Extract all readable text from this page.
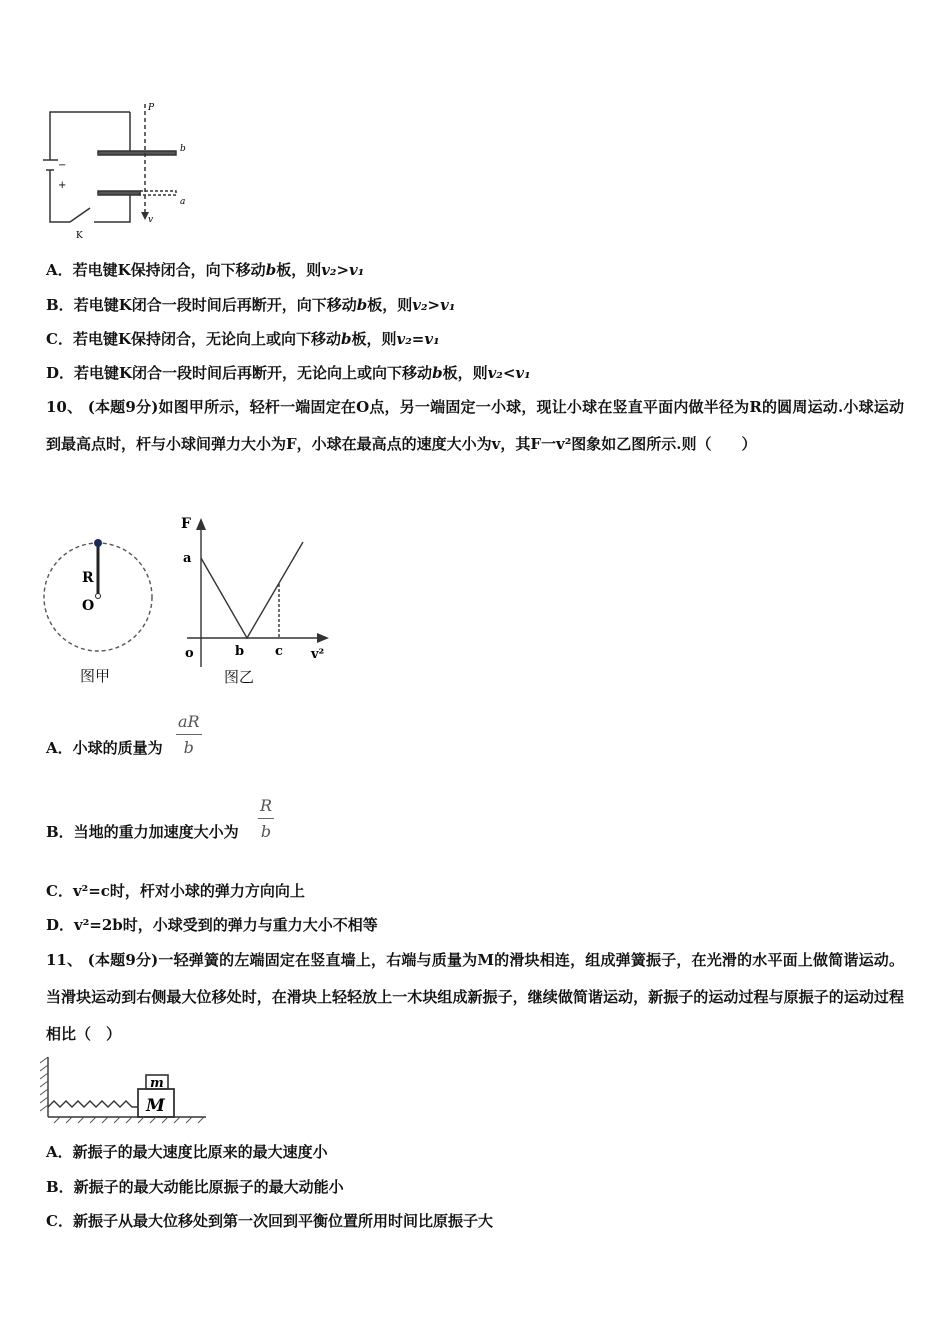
P
b
a
v
K
−
+
A．若电键K保持闭合，向下移动b板，则v₂>v₁
B．若电键K闭合一段时间后再断开，向下移动b板，则v₂>v₁
C．若电键K保持闭合，无论向上或向下移动b板，则v₂=v₁
D．若电键K闭合一段时间后再断开，无论向上或向下移动b板，则v₂<v₁
10、 (本题9分)如图甲所示，轻杆一端固定在O点，另一端固定一小球，现让小球在竖直平面内做半径为R的圆周运动.小球运动到最高点时，杆与小球间弹力大小为F，小球在最高点的速度大小为v，其F一v²图象如乙图所示.则（　　）
R
O
图甲
F
a
o	b c v²
图乙
A．小球的质量为
aR
b
B．当地的重力加速度大小为
R
b
C．v²=c时，杆对小球的弹力方向向上
D．v²=2b时，小球受到的弹力与重力大小不相等
11、 (本题9分)一轻弹簧的左端固定在竖直墙上，右端与质量为M的滑块相连，组成弹簧振子，在光滑的水平面上做简谐运动。当滑块运动到右侧最大位移处时，在滑块上轻轻放上一木块组成新振子，继续做简谐运动，新振子的运动过程与原振子的运动过程相比（　）
m
M
A．新振子的最大速度比原来的最大速度小
B．新振子的最大动能比原振子的最大动能小
C．新振子从最大位移处到第一次回到平衡位置所用时间比原振子大
